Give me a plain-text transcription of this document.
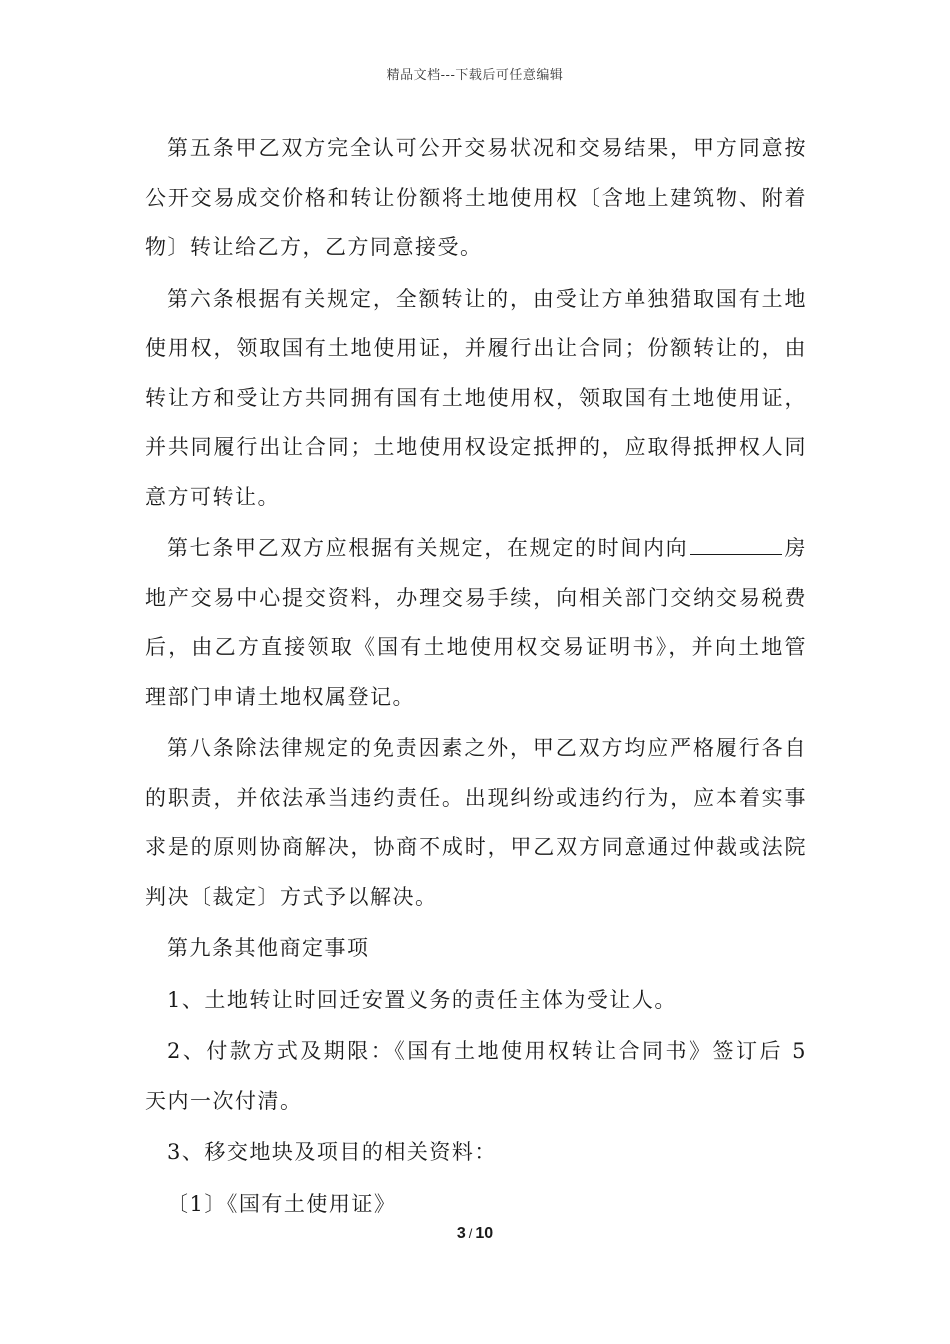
精品文档---下载后可任意编辑

第五条甲乙双方完全认可公开交易状况和交易结果，甲方同意按公开交易成交价格和转让份额将土地使用权〔含地上建筑物、附着物〕转让给乙方，乙方同意接受。

第六条根据有关规定，全额转让的，由受让方单独猎取国有土地使用权，领取国有土地使用证，并履行出让合同；份额转让的，由转让方和受让方共同拥有国有土地使用权，领取国有土地使用证，并共同履行出让合同；土地使用权设定抵押的，应取得抵押权人同意方可转让。

第七条甲乙双方应根据有关规定，在规定的时间内向	房地产交易中心提交资料，办理交易手续，向相关部门交纳交易税费后，由乙方直接领取《国有土地使用权交易证明书》，并向土地管理部门申请土地权属登记。

第八条除法律规定的免责因素之外，甲乙双方均应严格履行各自的职责，并依法承当违约责任。出现纠纷或违约行为，应本着实事求是的原则协商解决，协商不成时，甲乙双方同意通过仲裁或法院判决〔裁定〕方式予以解决。

第九条其他商定事项

1、土地转让时回迁安置义务的责任主体为受让人。

2、付款方式及期限：《国有土地使用权转让合同书》签订后 5 天内一次付清。

3、移交地块及项目的相关资料：

〔1〕《国有土使用证》

3 / 10
